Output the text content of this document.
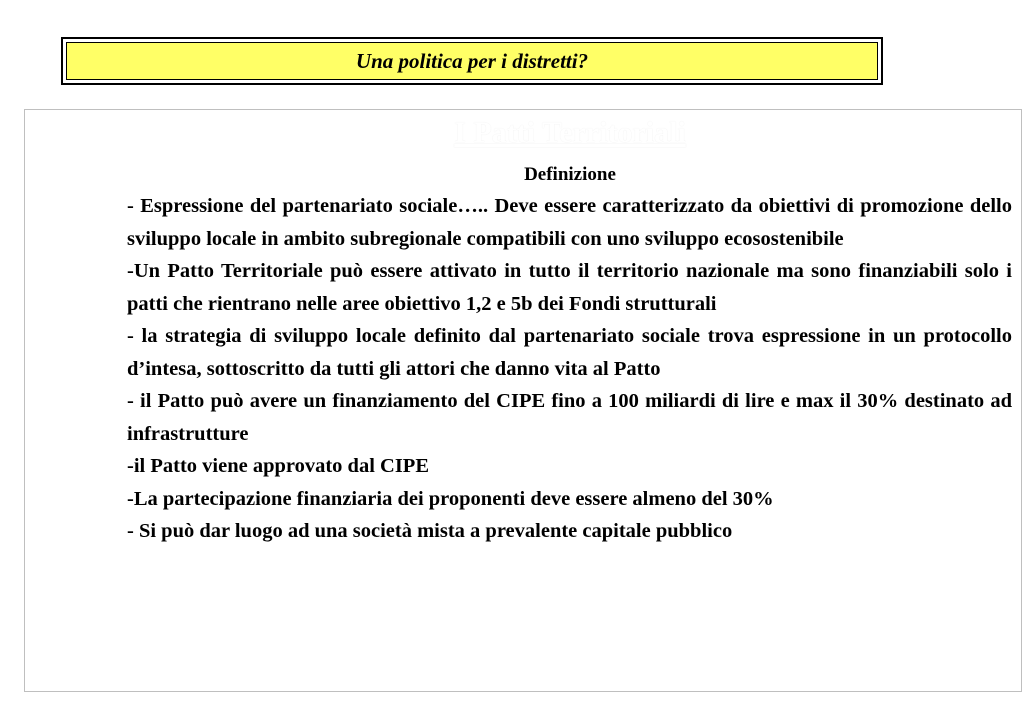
Una politica per i distretti?
I Patti Territoriali
Definizione

- Espressione del partenariato sociale….. Deve essere caratterizzato da obiettivi di promozione dello sviluppo locale in ambito subregionale compatibili con uno sviluppo ecosostenibile

-Un Patto Territoriale può essere attivato in tutto il territorio nazionale ma sono finanziabili solo i patti che rientrano nelle aree obiettivo 1,2 e 5b dei Fondi strutturali

- la strategia di sviluppo locale definito dal partenariato sociale trova espressione in un protocollo d’intesa, sottoscritto da tutti gli attori che danno vita al Patto

- il Patto può avere un finanziamento del CIPE fino a 100 miliardi di lire e max il 30% destinato ad infrastrutture

-il Patto viene approvato dal CIPE

-La partecipazione finanziaria dei proponenti deve essere almeno del 30%

- Si può dar luogo ad una società mista a prevalente capitale pubblico
